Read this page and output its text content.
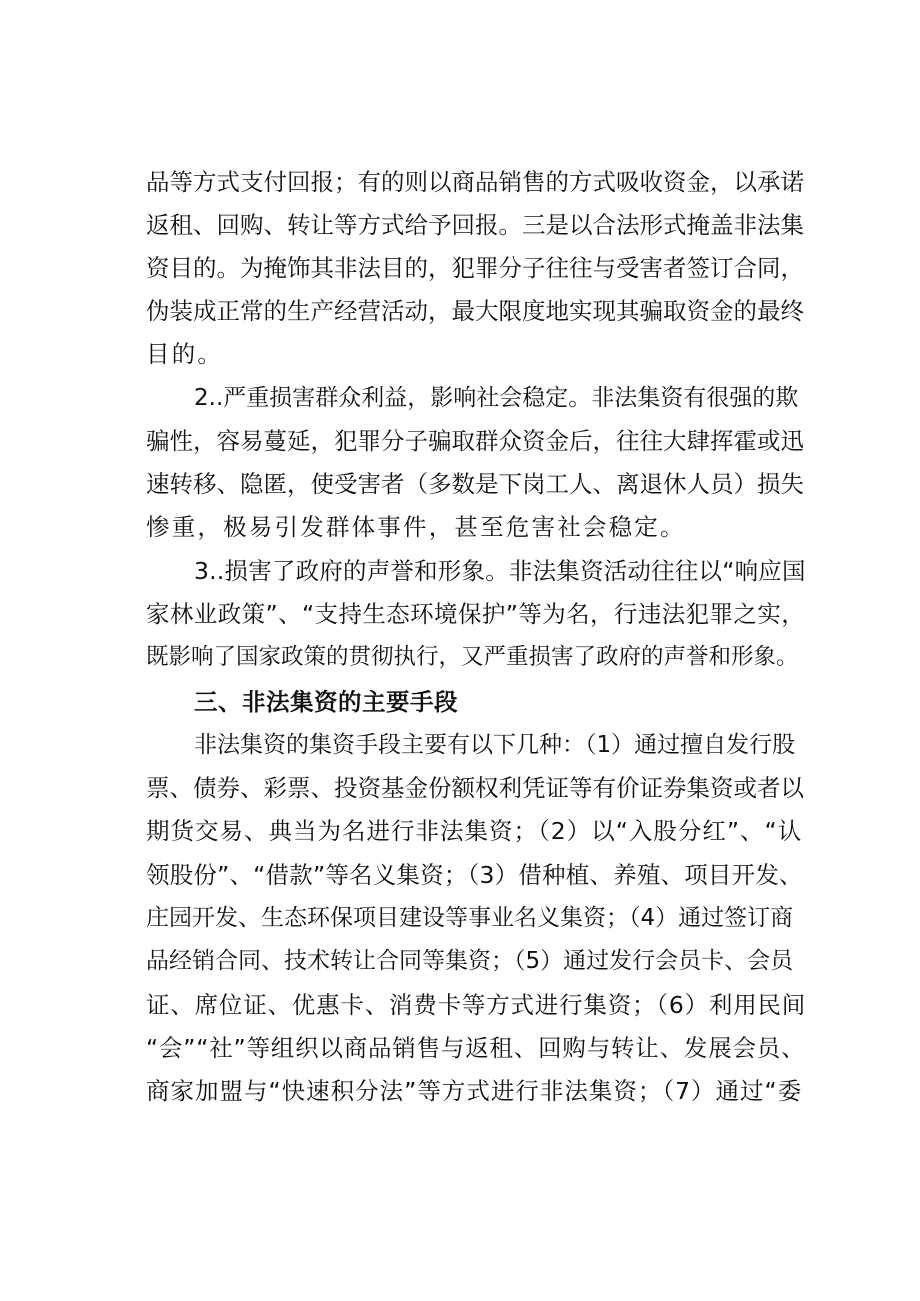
品等方式支付回报；有的则以商品销售的方式吸收资金，以承诺
返租、回购、转让等方式给予回报。三是以合法形式掩盖非法集
资目的。为掩饰其非法目的，犯罪分子往往与受害者签订合同，
伪装成正常的生产经营活动，最大限度地实现其骗取资金的最终
目的。
2..严重损害群众利益，影响社会稳定。非法集资有很强的欺
骗性，容易蔓延，犯罪分子骗取群众资金后，往往大肆挥霍或迅
速转移、隐匿，使受害者（多数是下岗工人、离退休人员）损失
惨重，极易引发群体事件，甚至危害社会稳定。
3..损害了政府的声誉和形象。非法集资活动往往以“响应国
家林业政策”、“支持生态环境保护”等为名，行违法犯罪之实，
既影响了国家政策的贯彻执行，又严重损害了政府的声誉和形象。
三、非法集资的主要手段
非法集资的集资手段主要有以下几种：（1）通过擅自发行股
票、债券、彩票、投资基金份额权利凭证等有价证券集资或者以
期货交易、典当为名进行非法集资；（2）以“入股分红”、“认
领股份”、“借款”等名义集资；（3）借种植、养殖、项目开发、
庄园开发、生态环保项目建设等事业名义集资；（4）通过签订商
品经销合同、技术转让合同等集资；（5）通过发行会员卡、会员
证、席位证、优惠卡、消费卡等方式进行集资；（6）利用民间
“会”“社”等组织以商品销售与返租、回购与转让、发展会员、
商家加盟与“快速积分法”等方式进行非法集资；（7）通过“委
